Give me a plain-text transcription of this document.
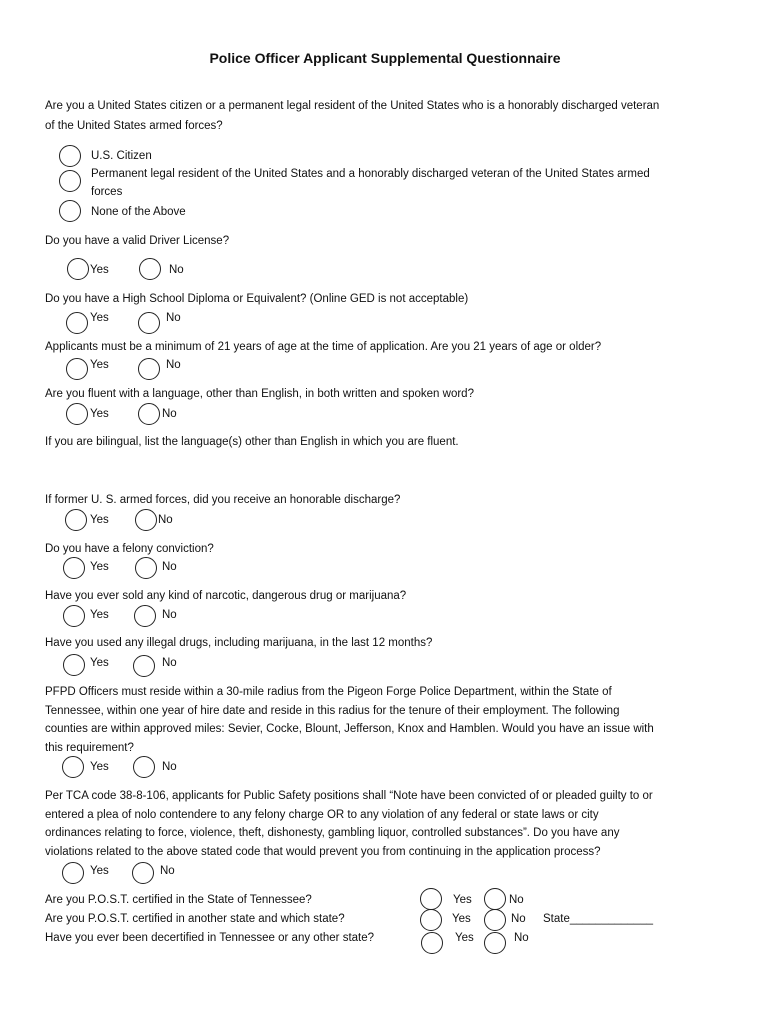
Police Officer Applicant Supplemental Questionnaire
Are you a United States citizen or a permanent legal resident of the United States who is a honorably discharged veteran
of the United States armed forces?
U.S. Citizen
Permanent legal resident of the United States and a honorably discharged veteran of the United States armed
forces
None of the Above
Do you have a valid Driver License?
Yes	No
Do you have a High School Diploma or Equivalent? (Online GED is not acceptable)
Yes	No
Applicants must be a minimum of 21 years of age at the time of application. Are you 21 years of age or older?
Yes	No
Are you fluent with a language, other than English, in both written and spoken word?
Yes	No
If you are bilingual, list the language(s) other than English in which you are fluent.
If former U. S. armed forces, did you receive an honorable discharge?
Yes	No
Do you have a felony conviction?
Yes	No
Have you ever sold any kind of narcotic, dangerous drug or marijuana?
Yes	No
Have you used any illegal drugs, including marijuana, in the last 12 months?
Yes	No
PFPD Officers must reside within a 30-mile radius from the Pigeon Forge Police Department, within the State of
Tennessee, within one year of hire date and reside in this radius for the tenure of their employment. The following
counties are within approved miles: Sevier, Cocke, Blount, Jefferson, Knox and Hamblen. Would you have an issue with
this requirement?
Yes	No
Per TCA code 38-8-106, applicants for Public Safety positions shall “Note have been convicted of or pleaded guilty to or
entered a plea of nolo contendere to any felony charge OR to any violation of any federal or state laws or city
ordinances relating to force, violence, theft, dishonesty, gambling liquor, controlled substances”. Do you have any
violations related to the above stated code that would prevent you from continuing in the application process?
Yes	No
Are you P.O.S.T. certified in the State of Tennessee?	Yes	No
Are you P.O.S.T. certified in another state and which state?	Yes	No State_____________
Have you ever been decertified in Tennessee or any other state?	Yes	No
